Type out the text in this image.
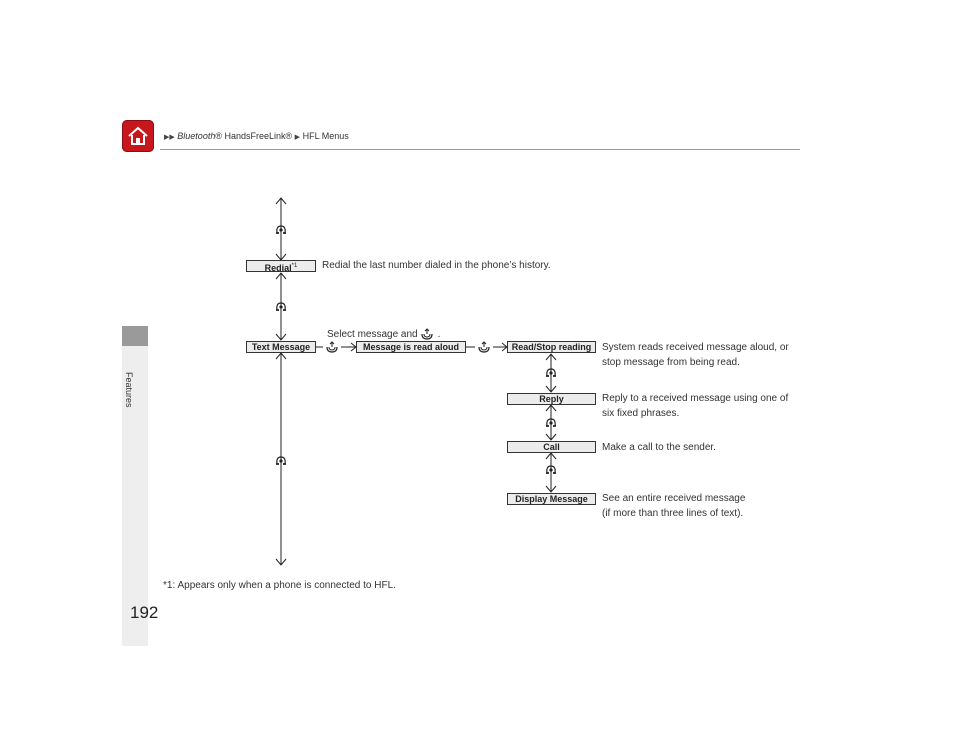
▶▶ Bluetooth® HandsFreeLink® ▶ HFL Menus
Features
192
Redial$^{*1}$	Redial the last number dialed in the phone’s history.
Select message and .
Text Message	Message is read aloud	Read/Stop reading	System reads received message aloud, or
stop message from being read.
Reply	Reply to a received message using one of
six fixed phrases.
Call	Make a call to the sender.
Display Message	See an entire received message
(if more than three lines of text).
*1: Appears only when a phone is connected to HFL.
